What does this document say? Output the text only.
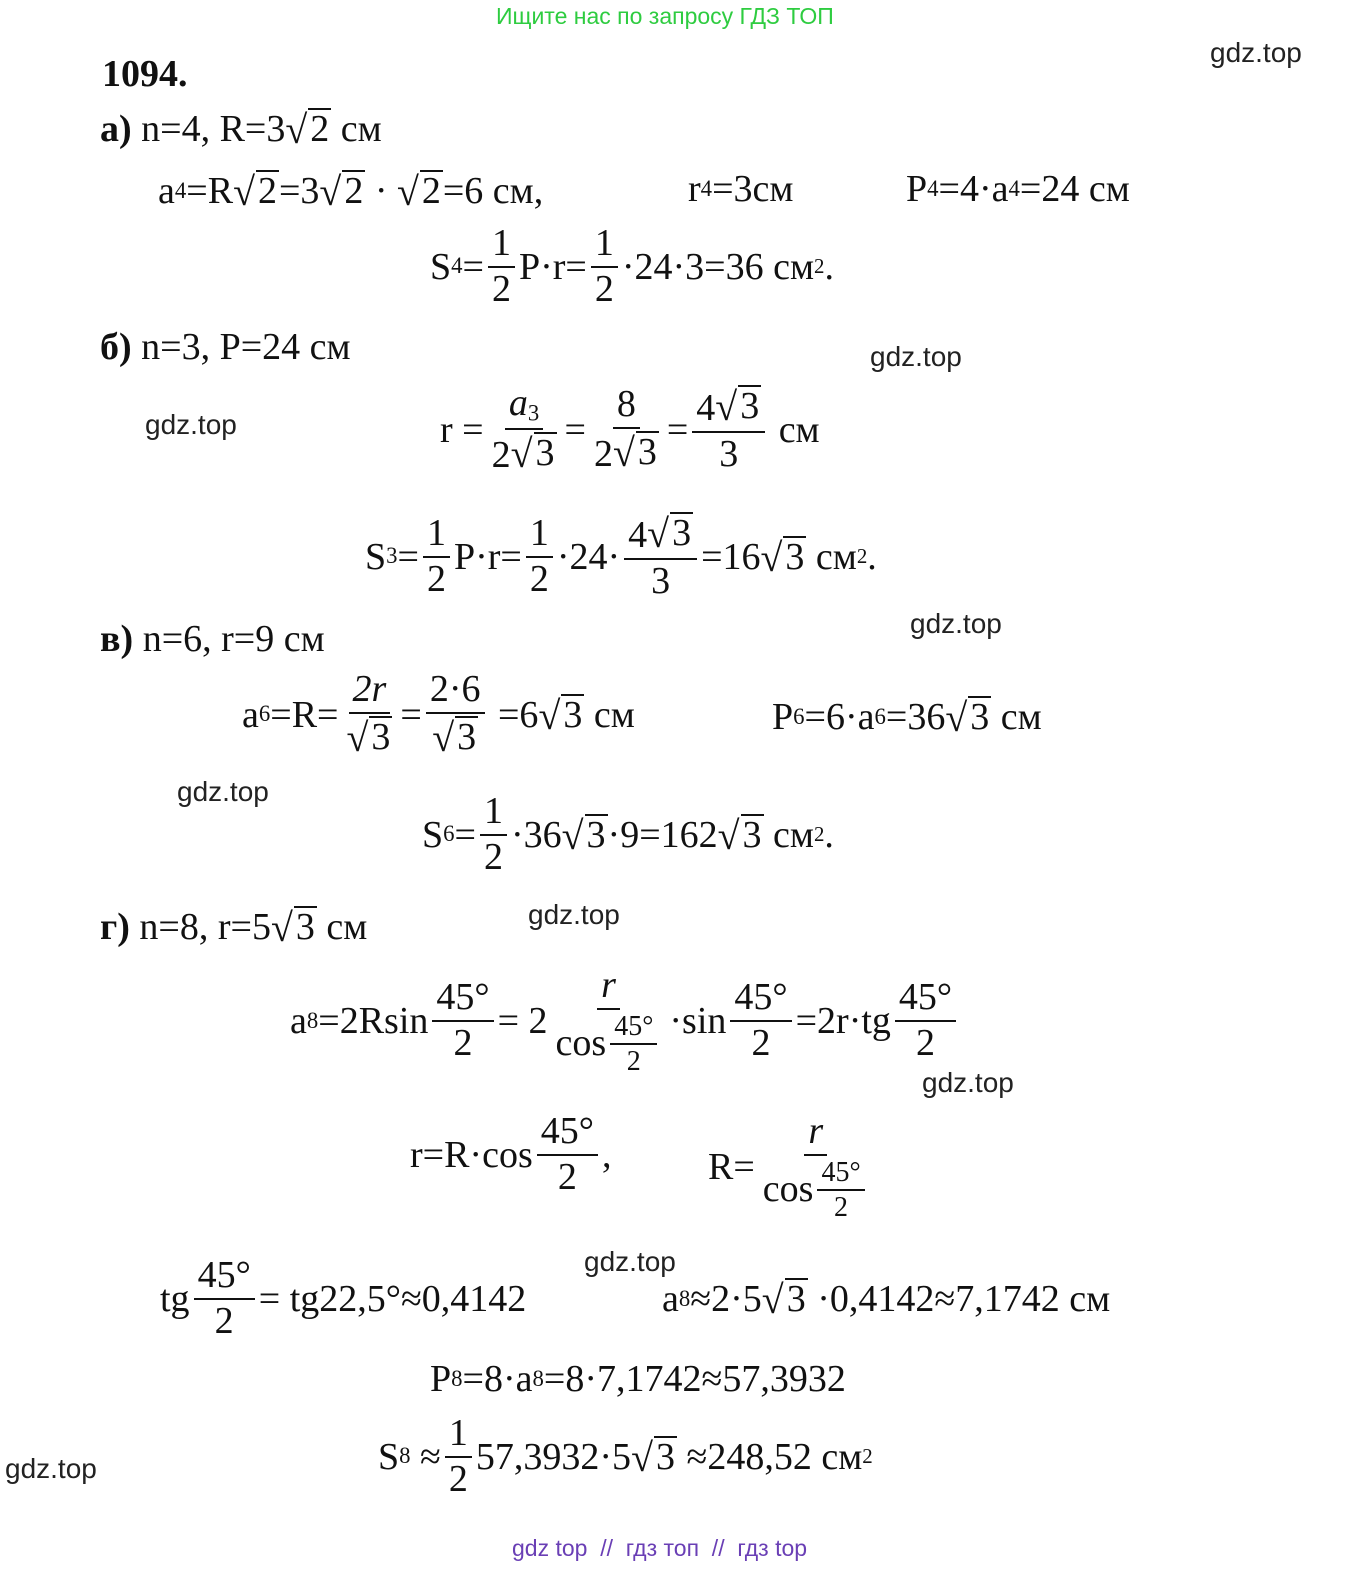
Ищите нас по запросу ГДЗ ТОП
1094.
gdz.top
gdz.top
gdz.top
gdz.top
gdz.top
gdz.top
gdz.top
gdz.top
gdz.top
а)
n=4, R=3 √ 2
см
a 4 =R √ 2 =3 √ 2
·
√ 2 =6 см,	r 4 =3см	P 4 =4·a 4 =24 см
S $4 = \frac{1}{2} P\cdot r= \frac{1}{2} \cdot 24\cdot 3=36$ см 2 .
б)
n=3, P=24 см
$r = \frac{a_3}{2 √ 3} = \frac{8}{2 √ 3} = \frac{4 √ 3}{3}$
см
S $3 = \frac{1}{2} P\cdot r= \frac{1}{2} \cdot 24\cdot \frac{4 √ 3}{3} =16$ √ 3
см 2 .
в)
n=6, r=9 см
a $6 =R= \frac{2r}{√ 3} = \frac{2\cdot 6}{√ 3}$
=6 √ 3
см	P 6 =6·a 6 =36 √ 3
см
S $6 = \frac{1}{2} \cdot 36$ √ 3 ·9=162 √ 3
см 2 .
г)
n=8, r=5 √ 3
см
a $8 =2Rsin \frac{45^\circ}{2} = 2 \frac{r}{\cos \frac{45^\circ}{2}} \cdot\sin \frac{45^\circ}{2} =2r\cdot tg \frac{45^\circ}{2}$
$r=R\cdot\cos \frac{45^\circ}{2}$ ,	$R= \frac{r}{\cos \frac{45^\circ}{2}}$
tg $\frac{45^\circ}{2} = tg22,5^\circ\approx 0,4142$	a 8 ≈2·5 √ 3
·0,4142≈7,1742 см
P 8 =8·a 8 =8·7,1742≈57,3932
S 8
≈ $\frac{1}{2} 57,3932\cdot 5$ √ 3
≈248,52 см 2
gdz top  //  гдз топ  //  гдз top
